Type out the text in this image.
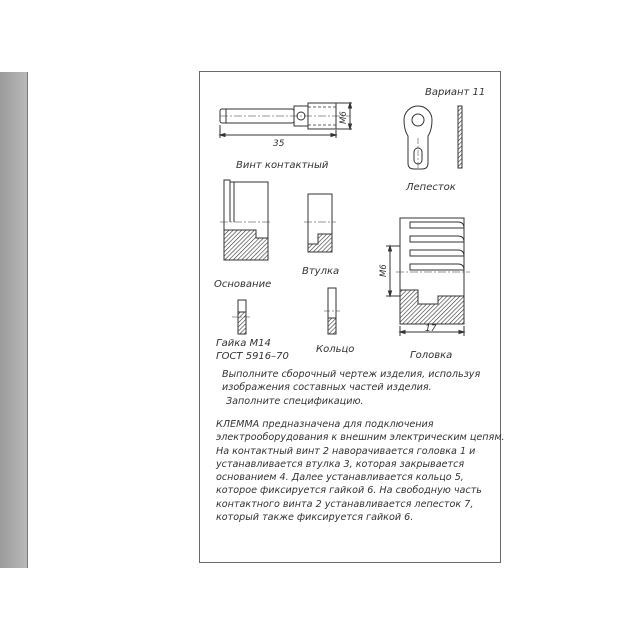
Вариант 11
35
М6
Винт контактный
Лепесток
Основание
Втулка	М6
17
Гайка М14
ГОСТ 5916–70
Кольцо
Головка
Выполните сборочный чертеж изделия, используя
изображения составных частей изделия.
Заполните спецификацию.
КЛЕММА предназначена для подключения
электрооборудования к внешним электрическим цепям.
На контактный винт 2 наворачивается головка 1 и
устанавливается втулка 3, которая закрывается
основанием 4. Далее устанавливается кольцо 5,
которое фиксируется гайкой 6. На свободную часть
контактного винта 2 устанавливается лепесток 7,
который также фиксируется гайкой 6.
